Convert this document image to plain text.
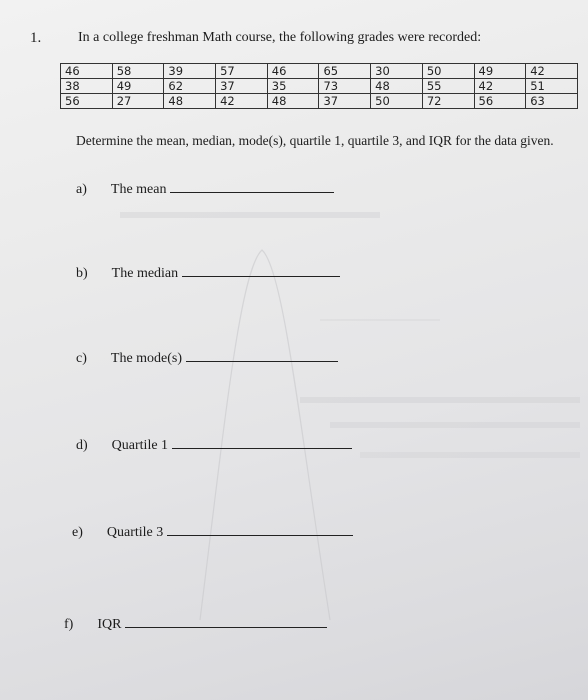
1.	In a college freshman Math course, the following grades were recorded:
46	58	39	57	46	65	30	50	49	42
38	49	62	37	35	73	48	55	42	51
56	27	48	42	48	37	50	72	56	63
Determine the mean, median, mode(s), quartile 1, quartile 3, and IQR for the data given.
a) The mean
b) The median
c) The mode(s)
d) Quartile 1
e) Quartile 3
f) IQR
